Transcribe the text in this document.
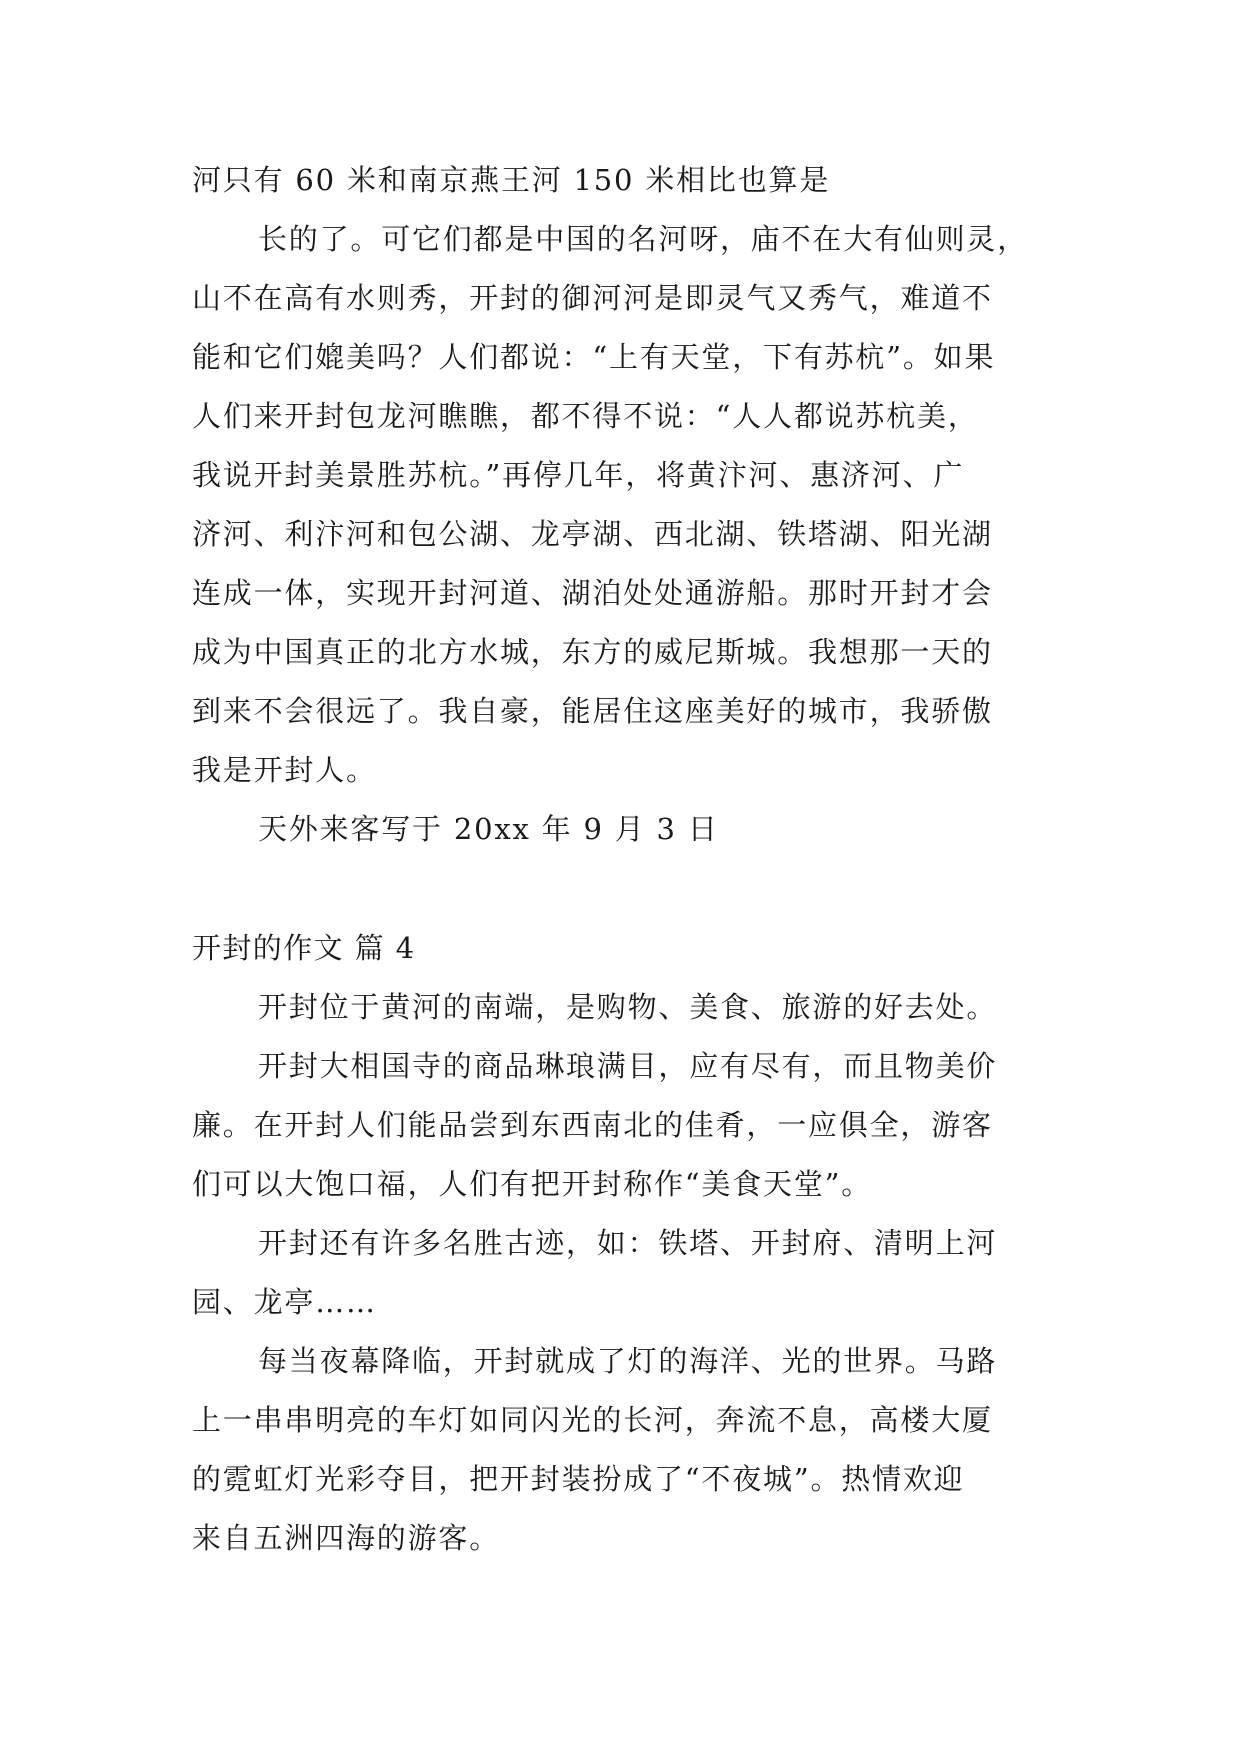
河只有 60 米和南京燕王河 150 米相比也算是
长的了。可它们都是中国的名河呀，庙不在大有仙则灵，
山不在高有水则秀，开封的御河河是即灵气又秀气，难道不
能和它们媲美吗？人们都说：“上有天堂，下有苏杭”。如果
人们来开封包龙河瞧瞧，都不得不说：“人人都说苏杭美，
我说开封美景胜苏杭。”再停几年，将黄汴河、惠济河、广
济河、利汴河和包公湖、龙亭湖、西北湖、铁塔湖、阳光湖
连成一体，实现开封河道、湖泊处处通游船。那时开封才会
成为中国真正的北方水城，东方的威尼斯城。我想那一天的
到来不会很远了。我自豪，能居住这座美好的城市，我骄傲
我是开封人。
天外来客写于 20xx 年 9 月 3 日
开封的作文 篇 4
开封位于黄河的南端，是购物、美食、旅游的好去处。
开封大相国寺的商品琳琅满目，应有尽有，而且物美价
廉。在开封人们能品尝到东西南北的佳肴，一应俱全，游客
们可以大饱口福，人们有把开封称作“美食天堂”。
开封还有许多名胜古迹，如：铁塔、开封府、清明上河
园、龙亭……
每当夜幕降临，开封就成了灯的海洋、光的世界。马路
上一串串明亮的车灯如同闪光的长河，奔流不息，高楼大厦
的霓虹灯光彩夺目，把开封装扮成了“不夜城”。热情欢迎
来自五洲四海的游客。
